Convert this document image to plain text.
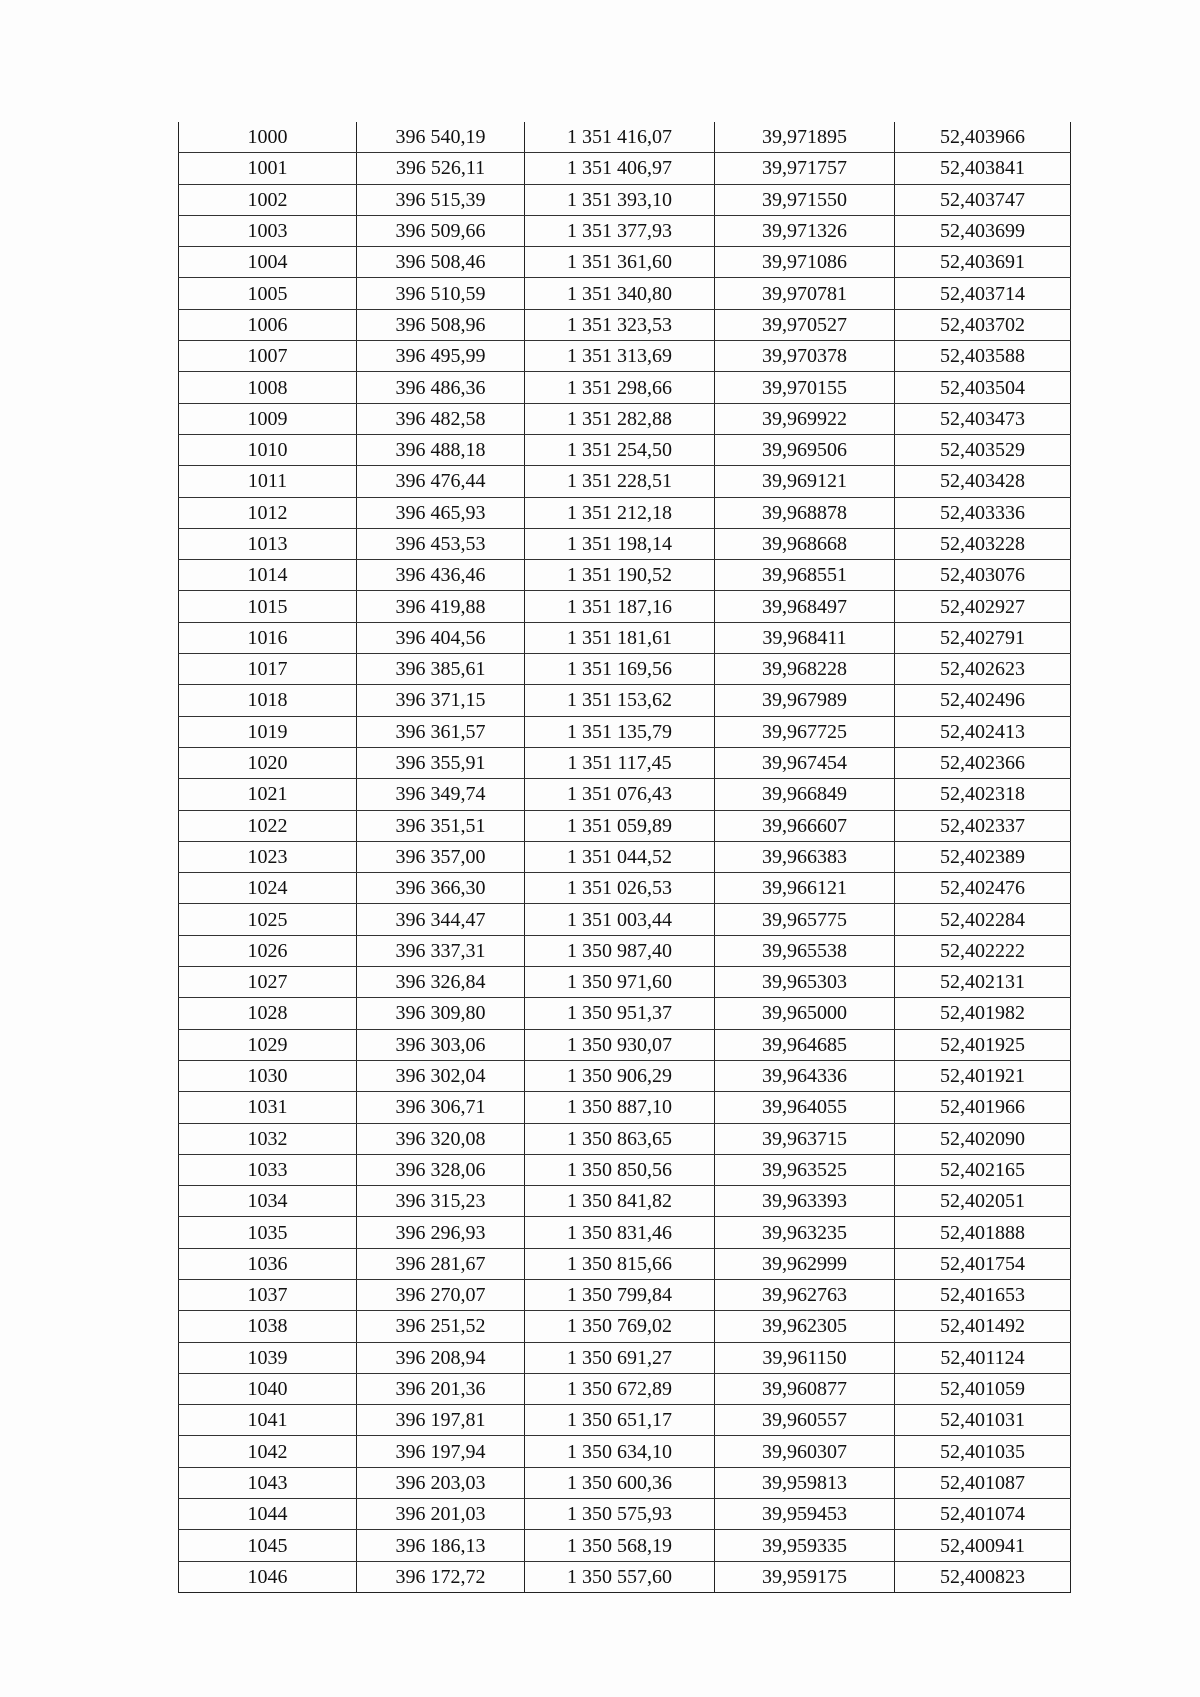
1000	396 540,19	1 351 416,07	39,971895	52,403966
1001	396 526,11	1 351 406,97	39,971757	52,403841
1002	396 515,39	1 351 393,10	39,971550	52,403747
1003	396 509,66	1 351 377,93	39,971326	52,403699
1004	396 508,46	1 351 361,60	39,971086	52,403691
1005	396 510,59	1 351 340,80	39,970781	52,403714
1006	396 508,96	1 351 323,53	39,970527	52,403702
1007	396 495,99	1 351 313,69	39,970378	52,403588
1008	396 486,36	1 351 298,66	39,970155	52,403504
1009	396 482,58	1 351 282,88	39,969922	52,403473
1010	396 488,18	1 351 254,50	39,969506	52,403529
1011	396 476,44	1 351 228,51	39,969121	52,403428
1012	396 465,93	1 351 212,18	39,968878	52,403336
1013	396 453,53	1 351 198,14	39,968668	52,403228
1014	396 436,46	1 351 190,52	39,968551	52,403076
1015	396 419,88	1 351 187,16	39,968497	52,402927
1016	396 404,56	1 351 181,61	39,968411	52,402791
1017	396 385,61	1 351 169,56	39,968228	52,402623
1018	396 371,15	1 351 153,62	39,967989	52,402496
1019	396 361,57	1 351 135,79	39,967725	52,402413
1020	396 355,91	1 351 117,45	39,967454	52,402366
1021	396 349,74	1 351 076,43	39,966849	52,402318
1022	396 351,51	1 351 059,89	39,966607	52,402337
1023	396 357,00	1 351 044,52	39,966383	52,402389
1024	396 366,30	1 351 026,53	39,966121	52,402476
1025	396 344,47	1 351 003,44	39,965775	52,402284
1026	396 337,31	1 350 987,40	39,965538	52,402222
1027	396 326,84	1 350 971,60	39,965303	52,402131
1028	396 309,80	1 350 951,37	39,965000	52,401982
1029	396 303,06	1 350 930,07	39,964685	52,401925
1030	396 302,04	1 350 906,29	39,964336	52,401921
1031	396 306,71	1 350 887,10	39,964055	52,401966
1032	396 320,08	1 350 863,65	39,963715	52,402090
1033	396 328,06	1 350 850,56	39,963525	52,402165
1034	396 315,23	1 350 841,82	39,963393	52,402051
1035	396 296,93	1 350 831,46	39,963235	52,401888
1036	396 281,67	1 350 815,66	39,962999	52,401754
1037	396 270,07	1 350 799,84	39,962763	52,401653
1038	396 251,52	1 350 769,02	39,962305	52,401492
1039	396 208,94	1 350 691,27	39,961150	52,401124
1040	396 201,36	1 350 672,89	39,960877	52,401059
1041	396 197,81	1 350 651,17	39,960557	52,401031
1042	396 197,94	1 350 634,10	39,960307	52,401035
1043	396 203,03	1 350 600,36	39,959813	52,401087
1044	396 201,03	1 350 575,93	39,959453	52,401074
1045	396 186,13	1 350 568,19	39,959335	52,400941
1046	396 172,72	1 350 557,60	39,959175	52,400823
